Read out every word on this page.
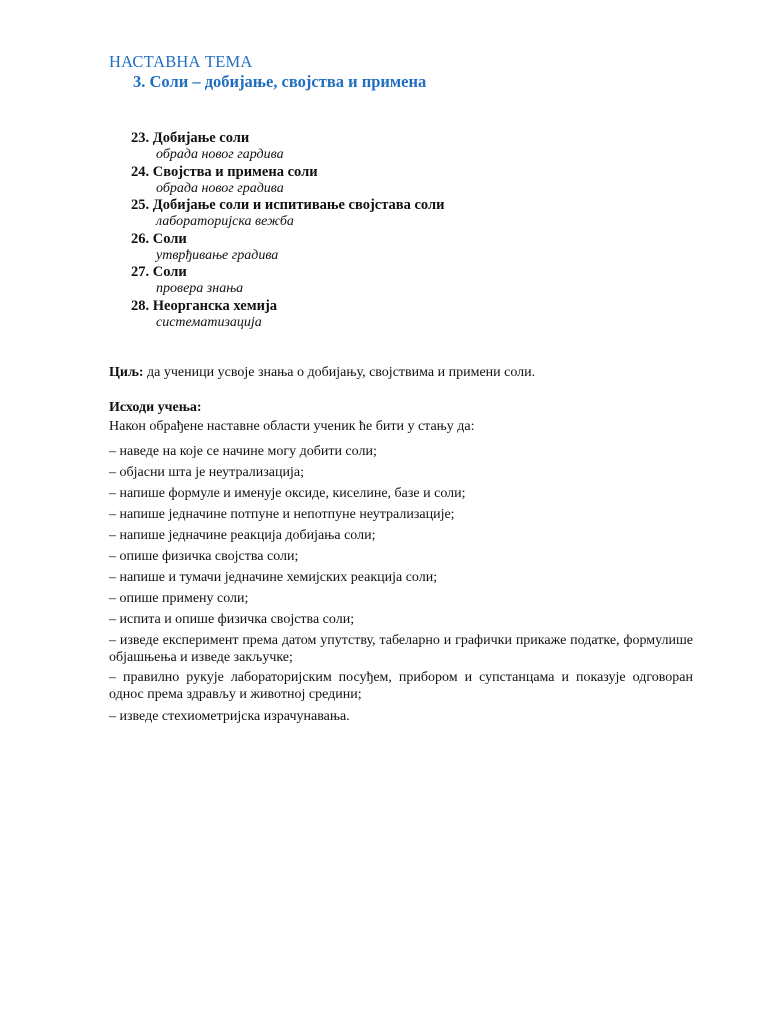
НАСТАВНА ТЕМА
3. Соли – добијање, својства и примена
23. Добијање соли
обрада новог гардива
24. Својства и примена соли
обрада новог градива
25. Добијање соли и испитивање својстава соли
лабораторијска вежба
26. Соли
утврђивање градива
27. Соли
провера знања
28. Неорганска хемија
систематизација
Циљ: да ученици усвоје знања о добијању, својствима и примени соли.
Исходи учења:
Након обрађене наставне области ученик ће бити у стању да:
– наведе на које се начине могу добити соли;
– објасни шта је неутрализација;
– напише формуле и именује оксиде, киселине, базе и соли;
– напише једначине потпуне и непотпуне неутрализације;
– напише једначине реакција добијања соли;
– опише физичка својства соли;
– напише и тумачи једначине хемијских реакција соли;
– опише примену соли;
– испита и опише физичка својства соли;
– изведе експеримент према датом упутству, табеларно и графички прикаже податке, формулише објашњења и изведе закључке;
– правилно рукује лабораторијским посуђем, прибором и супстанцама и показује одговоран однос према здрављу и животној средини;
– изведе стехиометријска израчунавања.
